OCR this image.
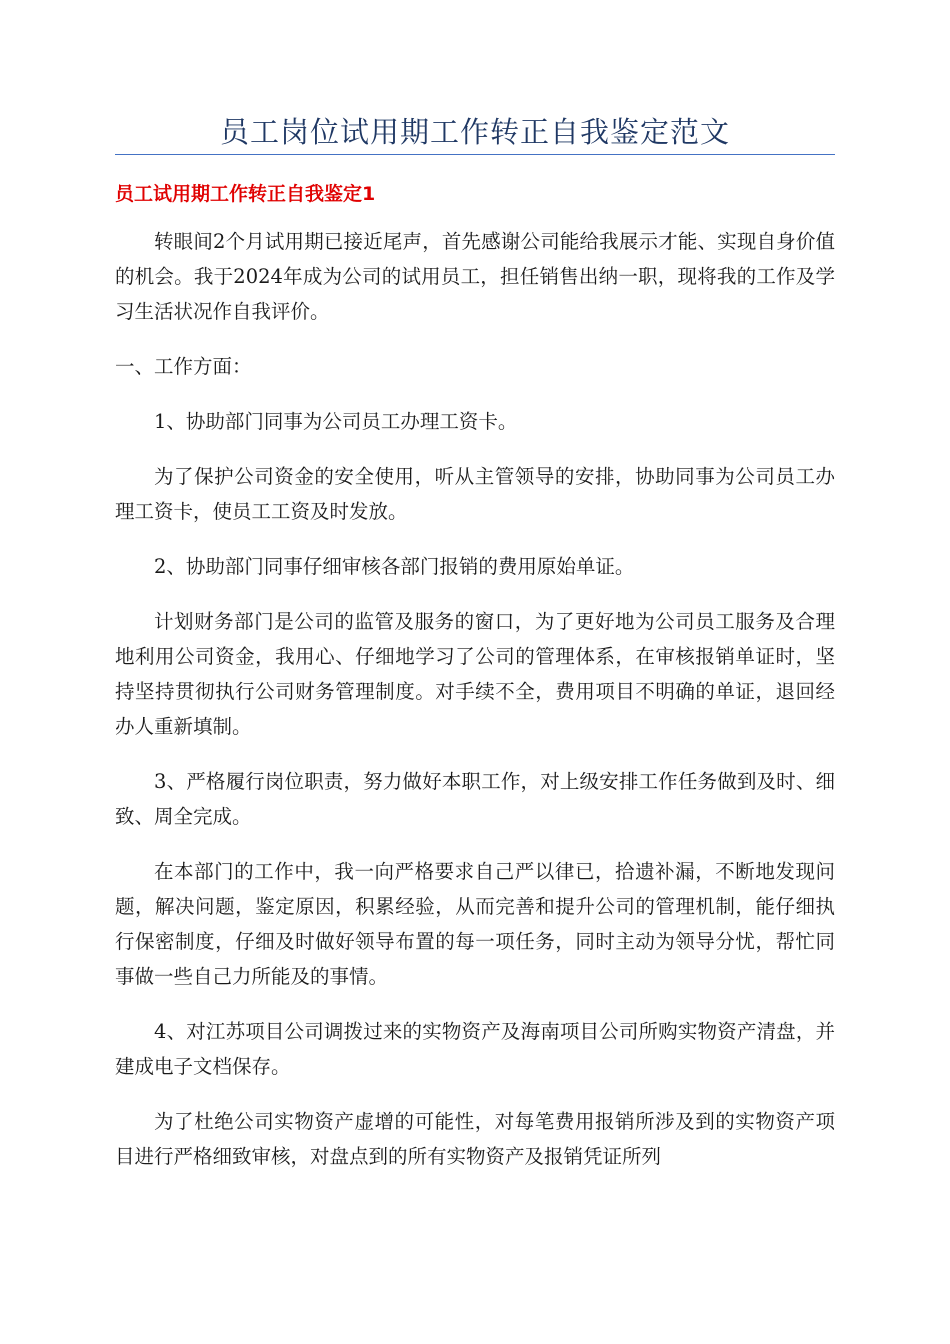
员工岗位试用期工作转正自我鉴定范文
员工试用期工作转正自我鉴定1

转眼间2个月试用期已接近尾声，首先感谢公司能给我展示才能、实现自身价值的机会。我于2024年成为公司的试用员工，担任销售出纳一职，现将我的工作及学习生活状况作自我评价。

一、工作方面：

1、协助部门同事为公司员工办理工资卡。

为了保护公司资金的安全使用，听从主管领导的安排，协助同事为公司员工办理工资卡，使员工工资及时发放。

2、协助部门同事仔细审核各部门报销的费用原始单证。

计划财务部门是公司的监管及服务的窗口，为了更好地为公司员工服务及合理地利用公司资金，我用心、仔细地学习了公司的管理体系，在审核报销单证时，坚持坚持贯彻执行公司财务管理制度。对手续不全，费用项目不明确的单证，退回经办人重新填制。

3、严格履行岗位职责，努力做好本职工作，对上级安排工作任务做到及时、细致、周全完成。

在本部门的工作中，我一向严格要求自己严以律已，拾遗补漏，不断地发现问题，解决问题，鉴定原因，积累经验，从而完善和提升公司的管理机制，能仔细执行保密制度，仔细及时做好领导布置的每一项任务，同时主动为领导分忧，帮忙同事做一些自己力所能及的事情。

4、对江苏项目公司调拨过来的实物资产及海南项目公司所购实物资产清盘，并建成电子文档保存。

为了杜绝公司实物资产虚增的可能性，对每笔费用报销所涉及到的实物资产项目进行严格细致审核，对盘点到的所有实物资产及报销凭证所列
